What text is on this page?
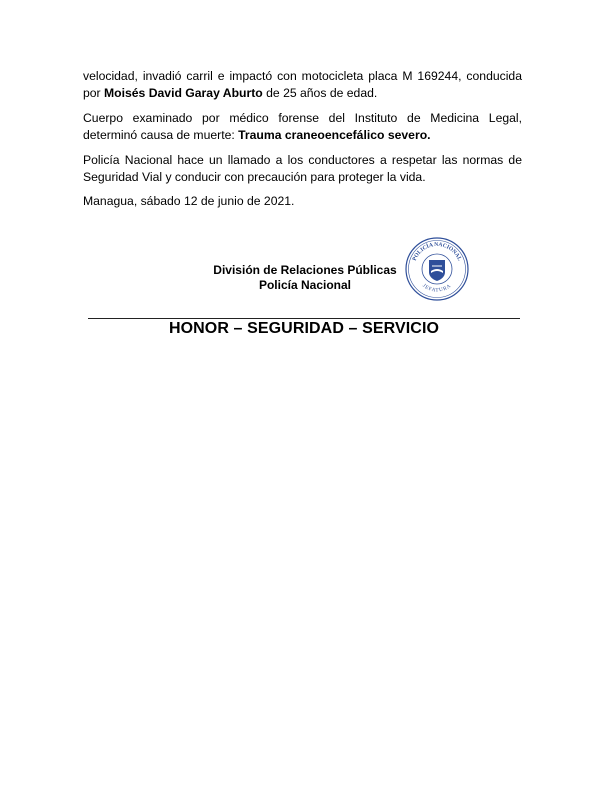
velocidad, invadió carril e impactó con motocicleta placa M 169244, conducida por Moisés David Garay Aburto de 25 años de edad.
Cuerpo examinado por médico forense del Instituto de Medicina Legal, determinó causa de muerte: Trauma craneoencefálico severo.
Policía Nacional hace un llamado a los conductores a respetar las normas de Seguridad Vial y conducir con precaución para proteger la vida.
Managua, sábado 12 de junio de 2021.
División de Relaciones Públicas
Policía Nacional
POLICÍA NACIONAL
JEFATURA
HONOR – SEGURIDAD – SERVICIO
